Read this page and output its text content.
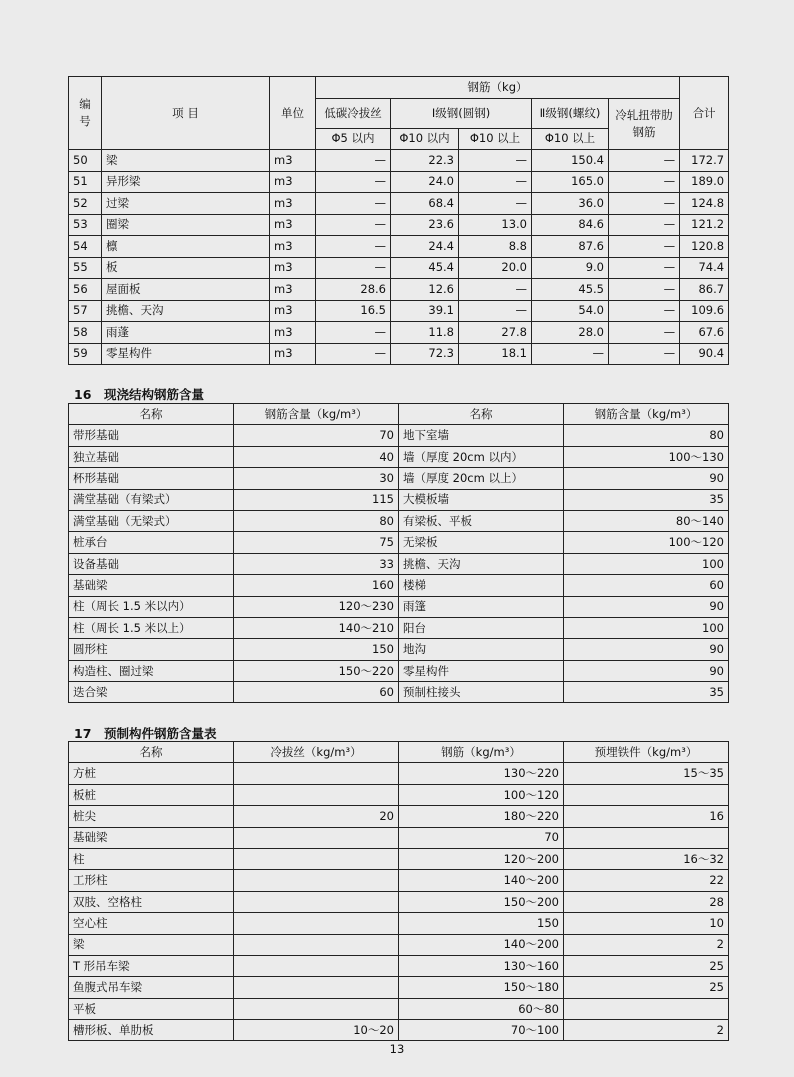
编号	项 目	单位	钢筋（kg）					合计
			低碳冷拔丝	Ⅰ级钢(圆钢)		Ⅱ级钢(螺纹)	冷轧扭带肋钢筋	
			Φ5 以内	Φ10 以内	Φ10 以上	Φ10 以上		
50	梁	m3	—	22.3	—	150.4	—	172.7
51	异形梁	m3	—	24.0	—	165.0	—	189.0
52	过梁	m3	—	68.4	—	36.0	—	124.8
53	圈梁	m3	—	23.6	13.0	84.6	—	121.2
54	檩	m3	—	24.4	8.8	87.6	—	120.8
55	板	m3	—	45.4	20.0	9.0	—	74.4
56	屋面板	m3	28.6	12.6	—	45.5	—	86.7
57	挑檐、天沟	m3	16.5	39.1	—	54.0	—	109.6
58	雨蓬	m3	—	11.8	27.8	28.0	—	67.6
59	零星构件	m3	—	72.3	18.1	—	—	90.4
16 现浇结构钢筋含量
名称	钢筋含量（kg/m³）	名称	钢筋含量（kg/m³）
带形基础	70	地下室墙	80
独立基础	40	墙（厚度 20cm 以内）	100～130
杯形基础	30	墙（厚度 20cm 以上）	90
满堂基础（有梁式）	115	大模板墙	35
满堂基础（无梁式）	80	有梁板、平板	80～140
桩承台	75	无梁板	100～120
设备基础	33	挑檐、天沟	100
基础梁	160	楼梯	60
柱（周长 1.5 米以内）	120～230	雨篷	90
柱（周长 1.5 米以上）	140～210	阳台	100
圆形柱	150	地沟	90
构造柱、圈过梁	150～220	零星构件	90
迭合梁	60	预制柱接头	35
17 预制构件钢筋含量表
名称	冷拔丝（kg/m³）	钢筋（kg/m³）	预埋铁件（kg/m³）
方桩		130～220	15～35
板桩		100～120	
桩尖	20	180～220	16
基础梁		70	
柱		120～200	16～32
工形柱		140～200	22
双肢、空格柱		150～200	28
空心柱		150	10
梁		140～200	2
T 形吊车梁		130～160	25
鱼腹式吊车梁		150～180	25
平板		60～80	
槽形板、单肋板	10～20	70～100	2
13
